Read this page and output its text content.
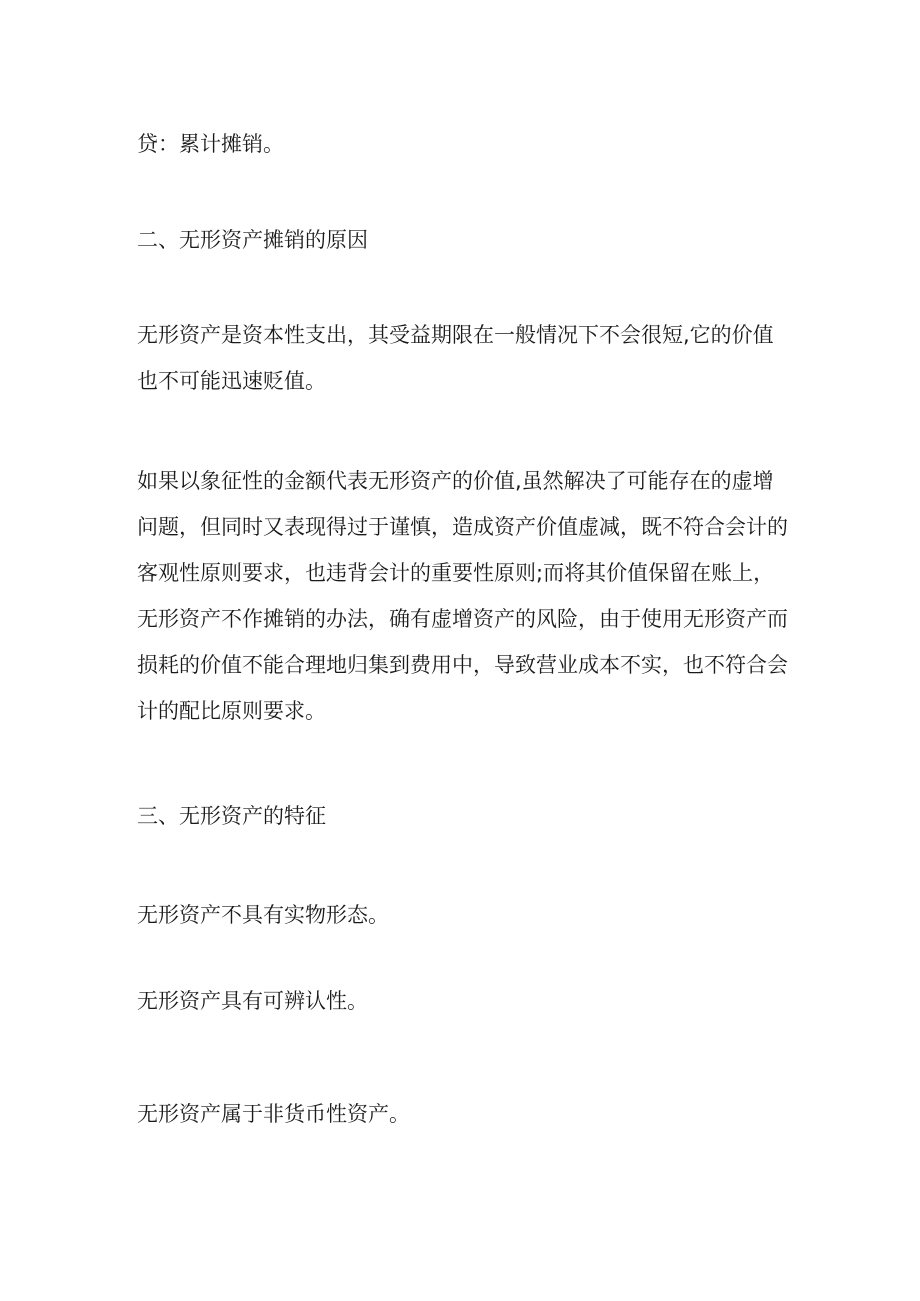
贷：累计摊销。
二、无形资产摊销的原因
无形资产是资本性支出，其受益期限在一般情况下不会很短,它的价值
也不可能迅速贬值。
如果以象征性的金额代表无形资产的价值,虽然解决了可能存在的虚增
问题，但同时又表现得过于谨慎，造成资产价值虚减，既不符合会计的
客观性原则要求，也违背会计的重要性原则;而将其价值保留在账上，
无形资产不作摊销的办法，确有虚增资产的风险，由于使用无形资产而
损耗的价值不能合理地归集到费用中，导致营业成本不实，也不符合会
计的配比原则要求。
三、无形资产的特征
无形资产不具有实物形态。
无形资产具有可辨认性。
无形资产属于非货币性资产。
